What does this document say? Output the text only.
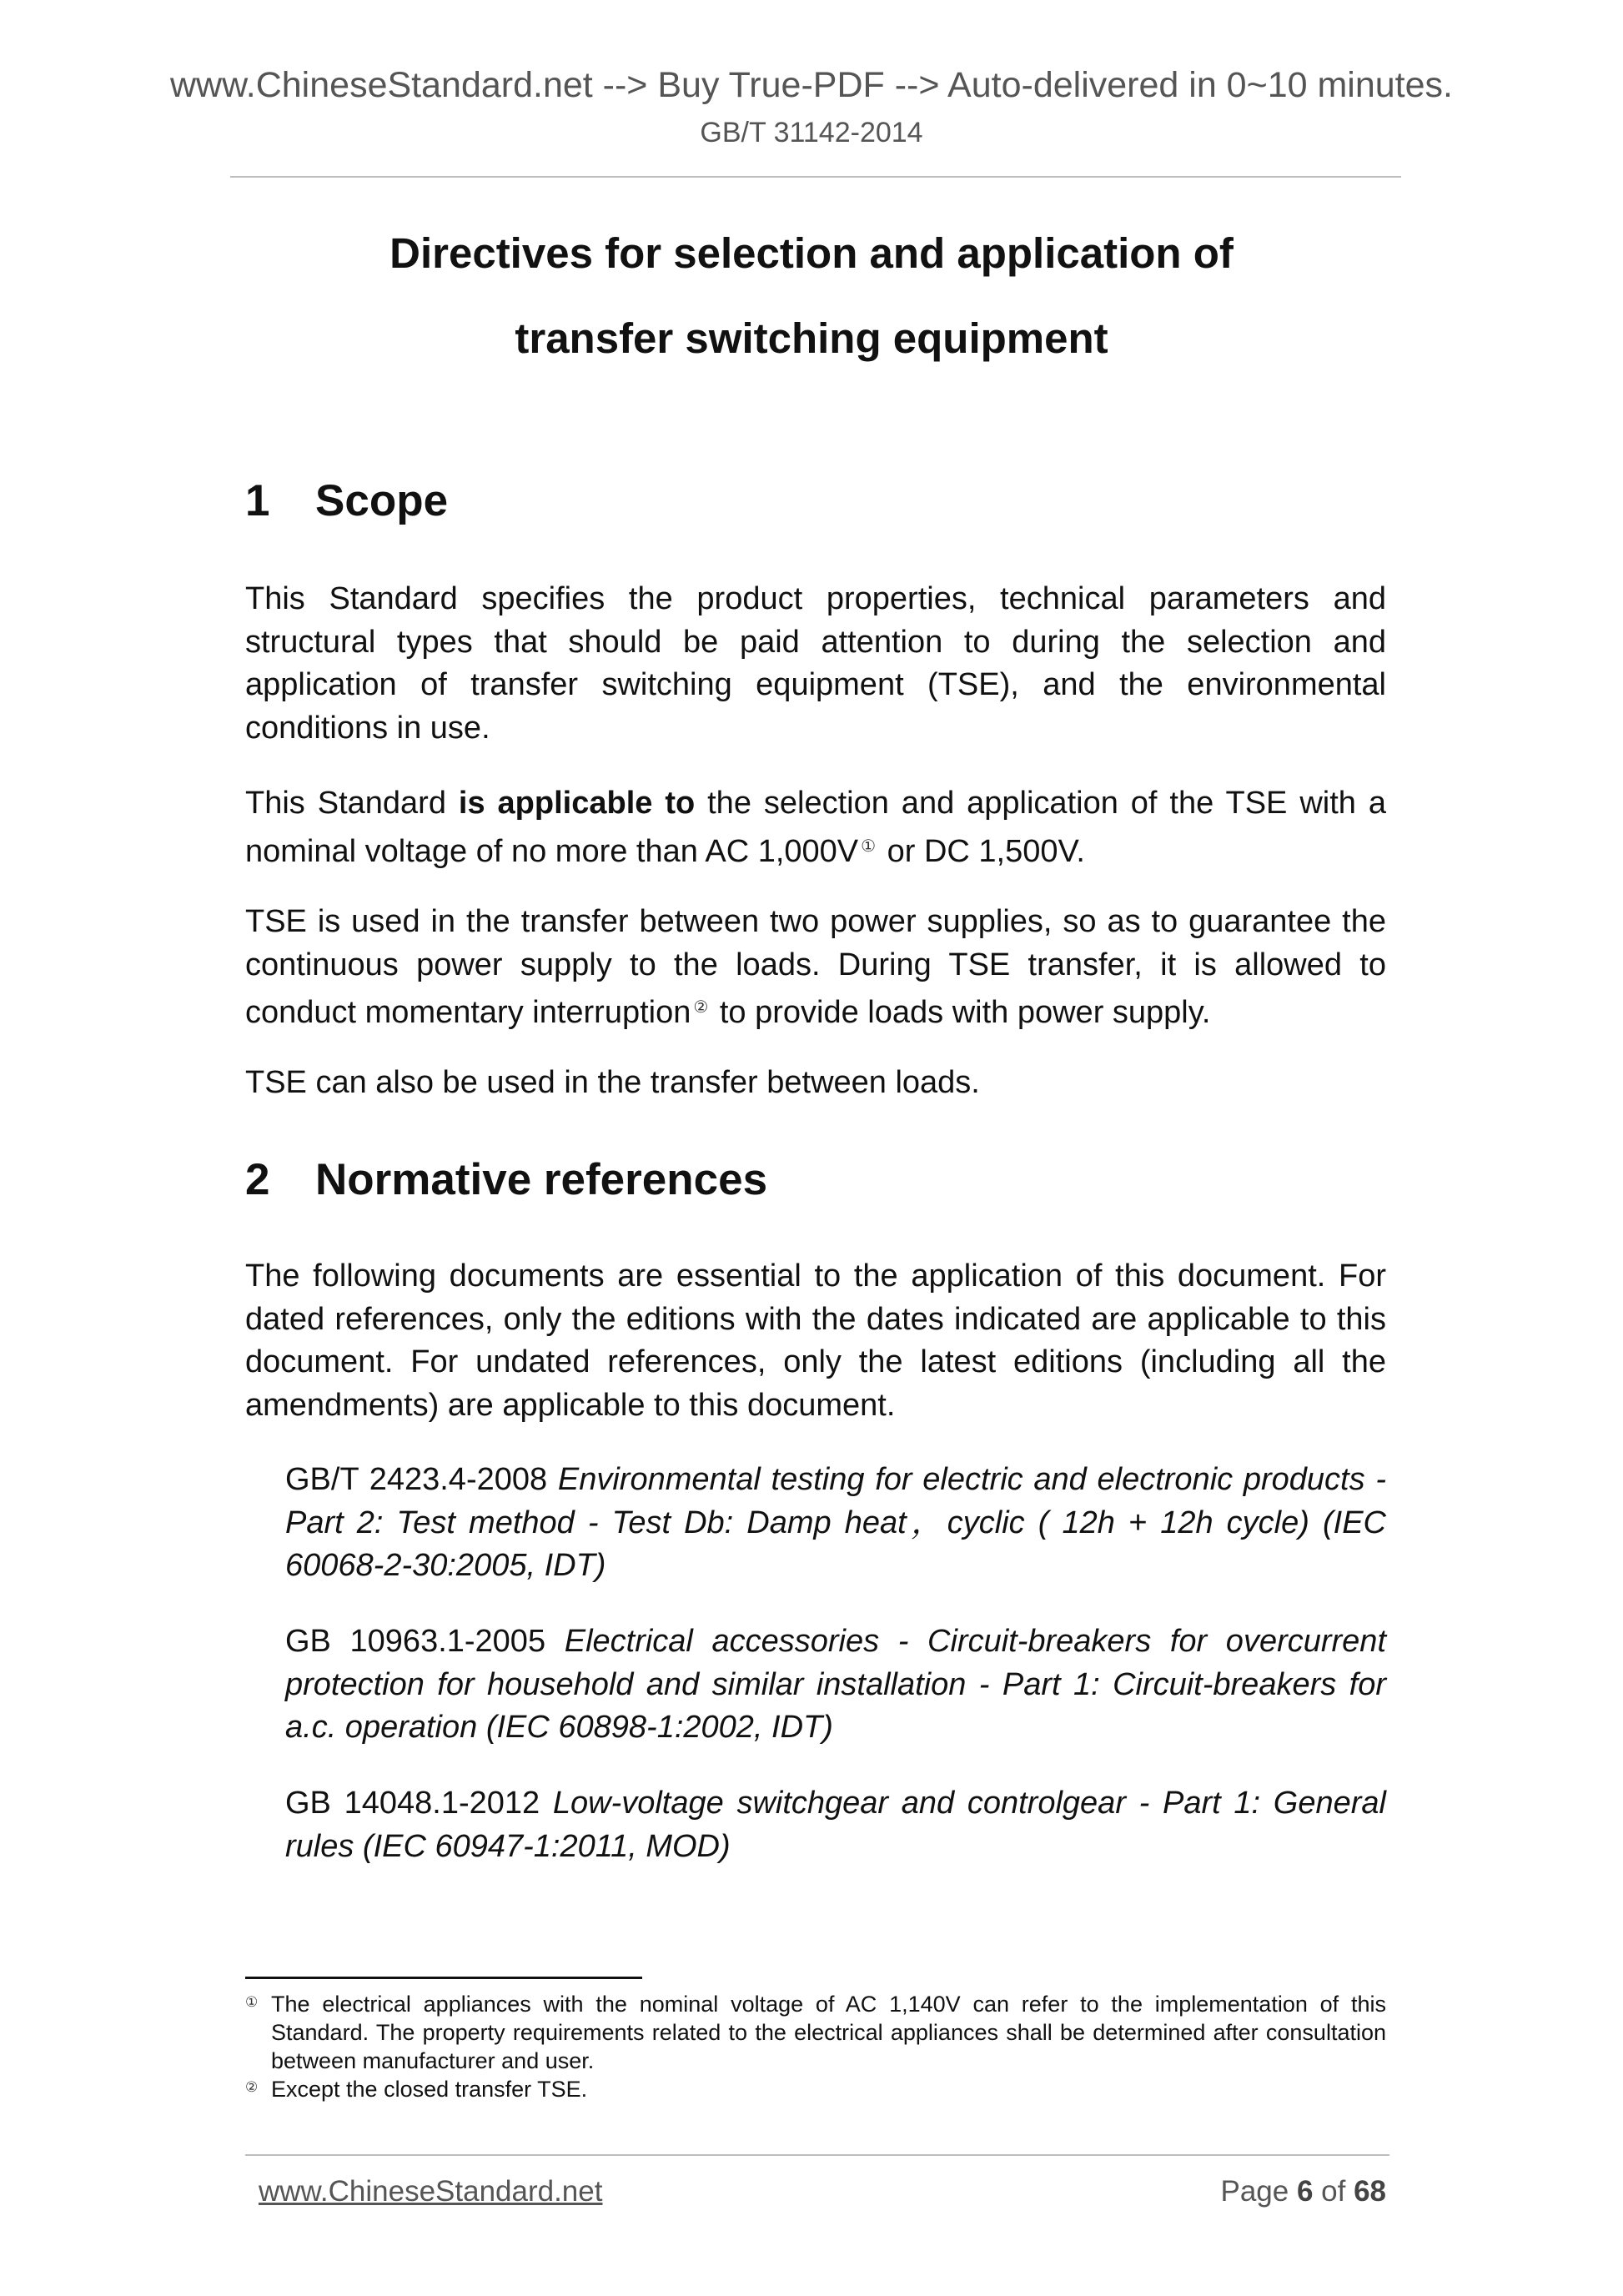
www.ChineseStandard.net --> Buy True-PDF --> Auto-delivered in 0~10 minutes.
GB/T 31142-2014
Directives for selection and application of
transfer switching equipment
1 Scope

This Standard specifies the product properties, technical parameters and structural types that should be paid attention to during the selection and application of transfer switching equipment (TSE), and the environmental conditions in use.

This Standard is applicable to the selection and application of the TSE with a nominal voltage of no more than AC 1,000V ① or DC 1,500V.

TSE is used in the transfer between two power supplies, so as to guarantee the continuous power supply to the loads. During TSE transfer, it is allowed to conduct momentary interruption ② to provide loads with power supply.

TSE can also be used in the transfer between loads.

2 Normative references

The following documents are essential to the application of this document. For dated references, only the editions with the dates indicated are applicable to this document. For undated references, only the latest editions (including all the amendments) are applicable to this document.

GB/T 2423.4-2008 Environmental testing for electric and electronic products - Part 2: Test method - Test Db: Damp heat，cyclic ( 12h + 12h cycle) (IEC 60068-2-30:2005, IDT)

GB 10963.1-2005 Electrical accessories - Circuit-breakers for overcurrent protection for household and similar installation - Part 1: Circuit-breakers for a.c. operation (IEC 60898-1:2002, IDT)

GB 14048.1-2012 Low-voltage switchgear and controlgear - Part 1: General rules (IEC 60947-1:2011, MOD)

① The electrical appliances with the nominal voltage of AC 1,140V can refer to the implementation of this Standard. The property requirements related to the electrical appliances shall be determined after consultation between manufacturer and user.
② Except the closed transfer TSE.
www.ChineseStandard.net	Page 6 of 68
